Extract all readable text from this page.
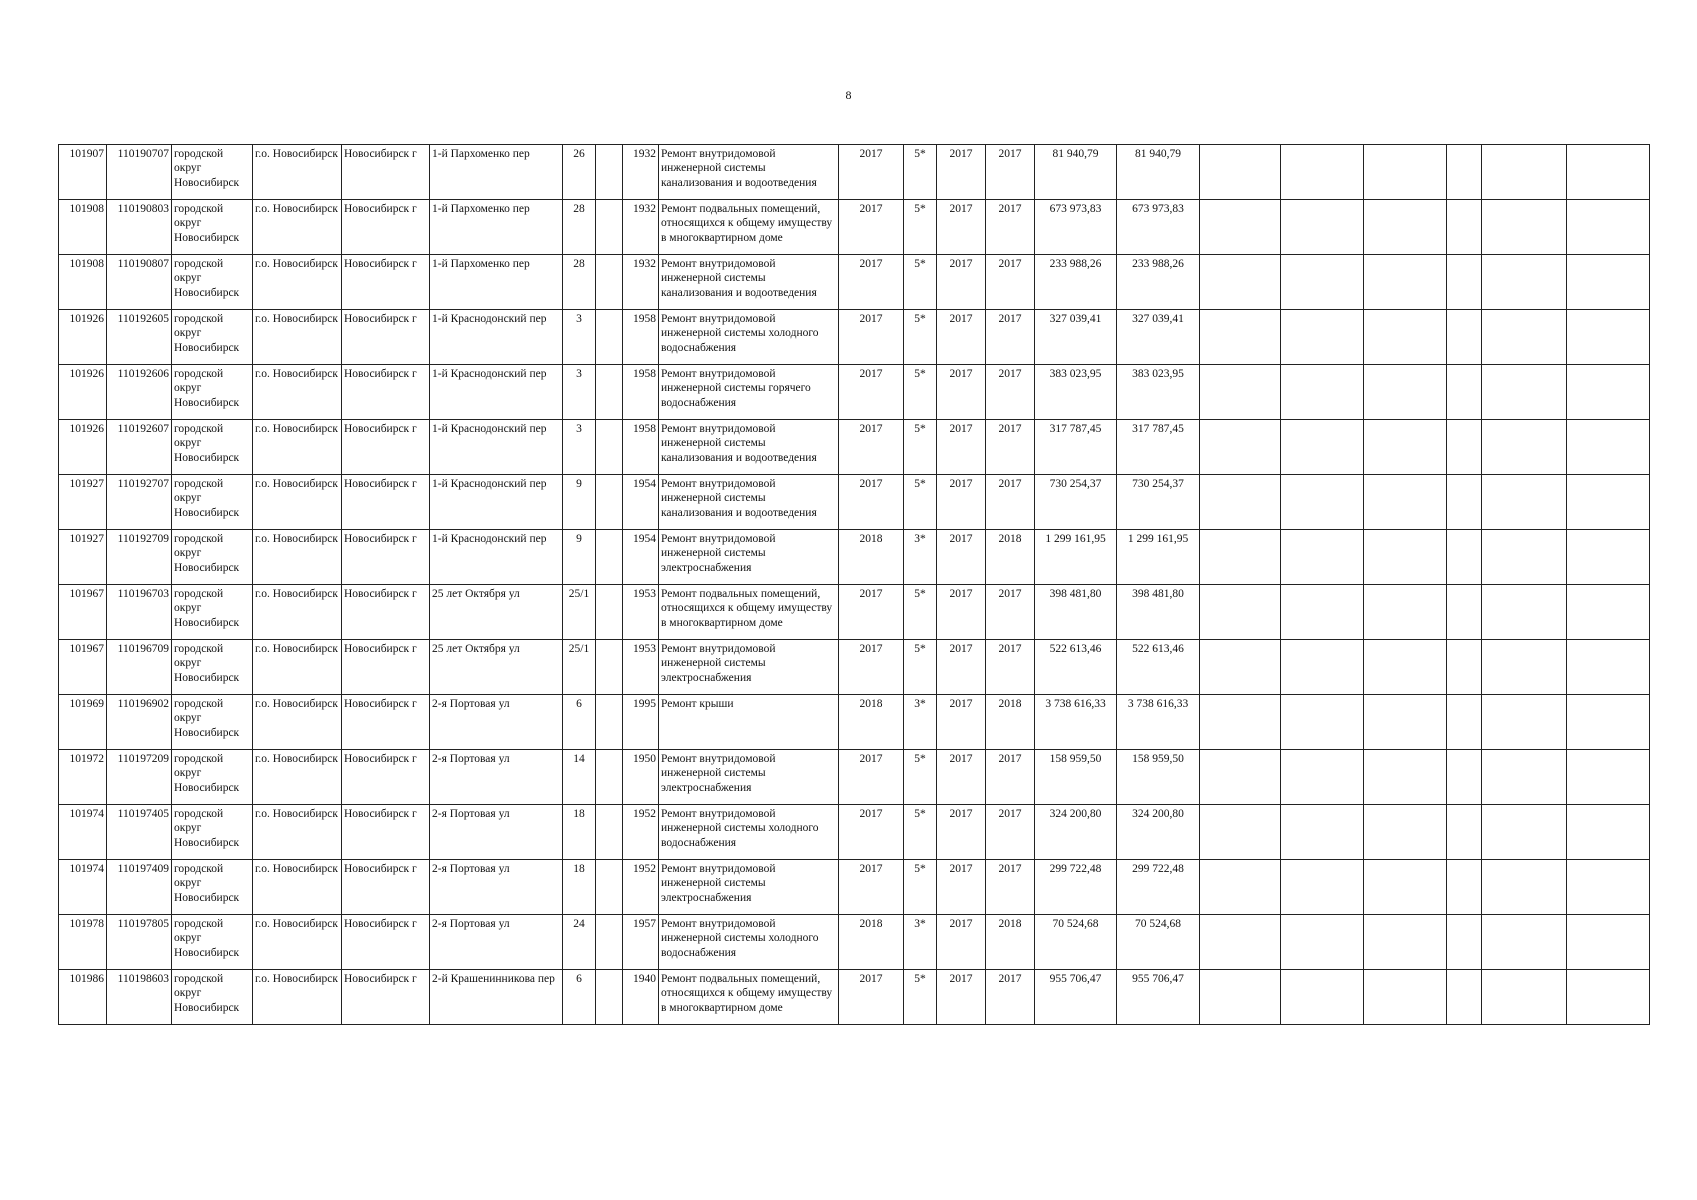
8
101907	110190707	городской округ Новосибирск	г.о. Новосибирск	Новосибирск г	1-й Пархоменко пер	26		1932	Ремонт внутридомовой инженерной системы канализования и водоотведения	2017	5*	2017	2017	81 940,79	81 940,79						
101908	110190803	городской округ Новосибирск	г.о. Новосибирск	Новосибирск г	1-й Пархоменко пер	28		1932	Ремонт подвальных помещений, относящихся к общему имуществу в многоквартирном доме	2017	5*	2017	2017	673 973,83	673 973,83						
101908	110190807	городской округ Новосибирск	г.о. Новосибирск	Новосибирск г	1-й Пархоменко пер	28		1932	Ремонт внутридомовой инженерной системы канализования и водоотведения	2017	5*	2017	2017	233 988,26	233 988,26						
101926	110192605	городской округ Новосибирск	г.о. Новосибирск	Новосибирск г	1-й Краснодонский пер	3		1958	Ремонт внутридомовой инженерной системы холодного водоснабжения	2017	5*	2017	2017	327 039,41	327 039,41						
101926	110192606	городской округ Новосибирск	г.о. Новосибирск	Новосибирск г	1-й Краснодонский пер	3		1958	Ремонт внутридомовой инженерной системы горячего водоснабжения	2017	5*	2017	2017	383 023,95	383 023,95						
101926	110192607	городской округ Новосибирск	г.о. Новосибирск	Новосибирск г	1-й Краснодонский пер	3		1958	Ремонт внутридомовой инженерной системы канализования и водоотведения	2017	5*	2017	2017	317 787,45	317 787,45						
101927	110192707	городской округ Новосибирск	г.о. Новосибирск	Новосибирск г	1-й Краснодонский пер	9		1954	Ремонт внутридомовой инженерной системы канализования и водоотведения	2017	5*	2017	2017	730 254,37	730 254,37						
101927	110192709	городской округ Новосибирск	г.о. Новосибирск	Новосибирск г	1-й Краснодонский пер	9		1954	Ремонт внутридомовой инженерной системы электроснабжения	2018	3*	2017	2018	1 299 161,95	1 299 161,95						
101967	110196703	городской округ Новосибирск	г.о. Новосибирск	Новосибирск г	25 лет Октября ул	25/1		1953	Ремонт подвальных помещений, относящихся к общему имуществу в многоквартирном доме	2017	5*	2017	2017	398 481,80	398 481,80						
101967	110196709	городской округ Новосибирск	г.о. Новосибирск	Новосибирск г	25 лет Октября ул	25/1		1953	Ремонт внутридомовой инженерной системы электроснабжения	2017	5*	2017	2017	522 613,46	522 613,46						
101969	110196902	городской округ Новосибирск	г.о. Новосибирск	Новосибирск г	2-я Портовая ул	6		1995	Ремонт крыши	2018	3*	2017	2018	3 738 616,33	3 738 616,33						
101972	110197209	городской округ Новосибирск	г.о. Новосибирск	Новосибирск г	2-я Портовая ул	14		1950	Ремонт внутридомовой инженерной системы электроснабжения	2017	5*	2017	2017	158 959,50	158 959,50						
101974	110197405	городской округ Новосибирск	г.о. Новосибирск	Новосибирск г	2-я Портовая ул	18		1952	Ремонт внутридомовой инженерной системы холодного водоснабжения	2017	5*	2017	2017	324 200,80	324 200,80						
101974	110197409	городской округ Новосибирск	г.о. Новосибирск	Новосибирск г	2-я Портовая ул	18		1952	Ремонт внутридомовой инженерной системы электроснабжения	2017	5*	2017	2017	299 722,48	299 722,48						
101978	110197805	городской округ Новосибирск	г.о. Новосибирск	Новосибирск г	2-я Портовая ул	24		1957	Ремонт внутридомовой инженерной системы холодного водоснабжения	2018	3*	2017	2018	70 524,68	70 524,68						
101986	110198603	городской округ Новосибирск	г.о. Новосибирск	Новосибирск г	2-й Крашенинникова пер	6		1940	Ремонт подвальных помещений, относящихся к общему имуществу в многоквартирном доме	2017	5*	2017	2017	955 706,47	955 706,47						
